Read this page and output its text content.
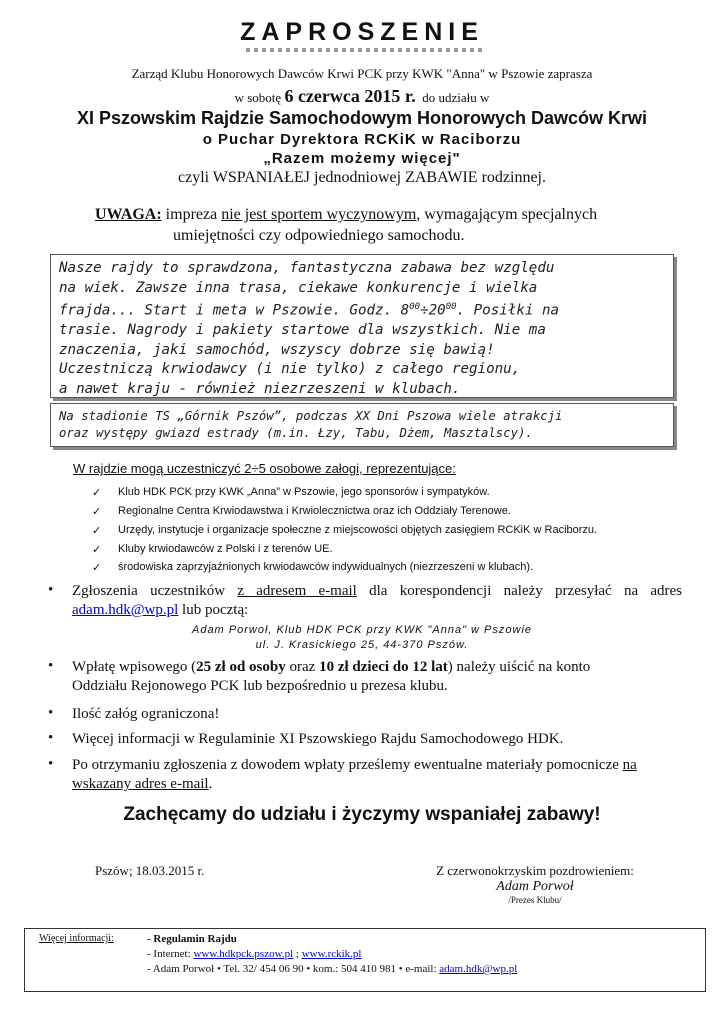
ZAPROSZENIE
Zarząd Klubu Honorowych Dawców Krwi PCK przy KWK "Anna" w Pszowie zaprasza
w sobotę 6 czerwca 2015 r. do udziału w
XI Pszowskim Rajdzie Samochodowym Honorowych Dawców Krwi
o Puchar Dyrektora RCKiK w Raciborzu
„Razem możemy więcej"
czyli WSPANIAŁEJ jednodniowej ZABAWIE rodzinnej.
UWAGA: impreza nie jest sportem wyczynowym, wymagającym specjalnych
umiejętności czy odpowiedniego samochodu.
Nasze rajdy to sprawdzona, fantastyczna zabawa bez względu
na wiek. Zawsze inna trasa, ciekawe konkurencje i wielka
frajda... Start i meta w Pszowie. Godz. $8^{00}\div 20^{00}$. Posiłki na
trasie. Nagrody i pakiety startowe dla wszystkich. Nie ma
znaczenia, jaki samochód, wszyscy dobrze się bawią!
Uczestniczą krwiodawcy (i nie tylko) z całego regionu,
a nawet kraju - również niezrzeszeni w klubach.
Na stadionie TS „Górnik Pszów”, podczas XX Dni Pszowa wiele atrakcji
oraz występy gwiazd estrady (m.in. Łzy, Tabu, Dżem, Masztalscy).
W rajdzie mogą uczestniczyć 2÷5 osobowe załogi, reprezentujące:
✓ Klub HDK PCK przy KWK „Anna” w Pszowie, jego sponsorów i sympatyków.
✓ Regionalne Centra Krwiodawstwa i Krwiolecznictwa oraz ich Oddziały Terenowe.
✓ Urzędy, instytucje i organizacje społeczne z miejscowości objętych zasięgiem RCKiK w Raciborzu.
✓ Kluby krwiodawców z Polski i z terenów UE.
✓ środowiska zaprzyjaźnionych krwiodawców indywidualnych (niezrzeszeni w klubach).
• Zgłoszenia uczestników z adresem e-mail dla korespondencji należy przesyłać na adres adam.hdk@wp.pl lub pocztą:
Adam Porwoł, Klub HDK PCK przy KWK "Anna" w Pszowie
ul. J. Krasickiego 25, 44-370 Pszów.
• Wpłatę wpisowego (25 zł od osoby oraz 10 zł dzieci do 12 lat) należy uiścić na konto
Oddziału Rejonowego PCK lub bezpośrednio u prezesa klubu.
• Ilość załóg ograniczona!
• Więcej informacji w Regulaminie XI Pszowskiego Rajdu Samochodowego HDK.
• Po otrzymaniu zgłoszenia z dowodem wpłaty prześlemy ewentualne materiały pomocnicze na
wskazany adres e-mail.
Zachęcamy do udziału i życzymy wspaniałej zabawy!
Pszów; 18.03.2015 r.	Z czerwonokrzyskim pozdrowieniem:
Adam Porwoł
/Prezes Klubu/
Więcej informacji:	- Regulamin Rajdu
- Internet: www.hdkpck.pszow.pl ; www.rckik.pl
- Adam Porwoł • Tel. 32/ 454 06 90 • kom.: 504 410 981 • e-mail: adam.hdk@wp.pl
